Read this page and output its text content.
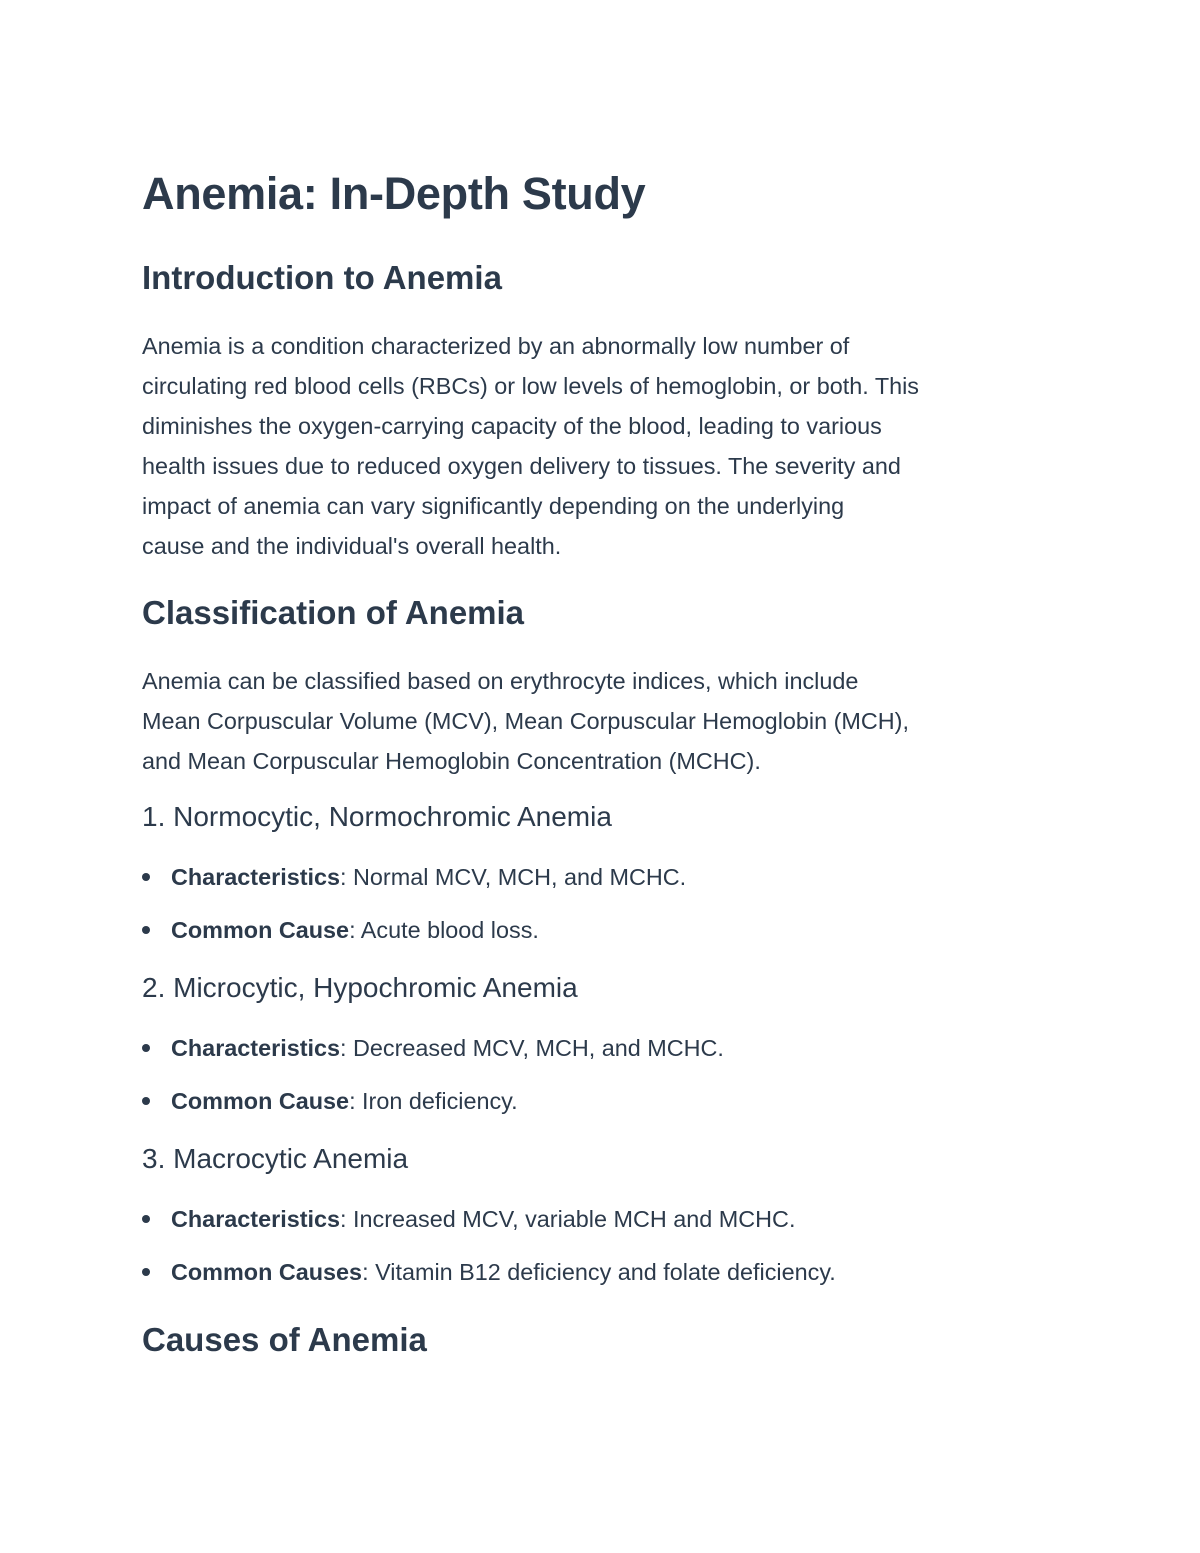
Anemia: In-Depth Study
Introduction to Anemia

Anemia is a condition characterized by an abnormally low number of
circulating red blood cells (RBCs) or low levels of hemoglobin, or both. This
diminishes the oxygen-carrying capacity of the blood, leading to various
health issues due to reduced oxygen delivery to tissues. The severity and
impact of anemia can vary significantly depending on the underlying
cause and the individual's overall health.

Classification of Anemia

Anemia can be classified based on erythrocyte indices, which include
Mean Corpuscular Volume (MCV), Mean Corpuscular Hemoglobin (MCH),
and Mean Corpuscular Hemoglobin Concentration (MCHC).

1. Normocytic, Normochromic Anemia
Characteristics: Normal MCV, MCH, and MCHC.
Common Cause: Acute blood loss.
2. Microcytic, Hypochromic Anemia
Characteristics: Decreased MCV, MCH, and MCHC.
Common Cause: Iron deficiency.
3. Macrocytic Anemia
Characteristics: Increased MCV, variable MCH and MCHC.
Common Causes: Vitamin B12 deficiency and folate deficiency.
Causes of Anemia
